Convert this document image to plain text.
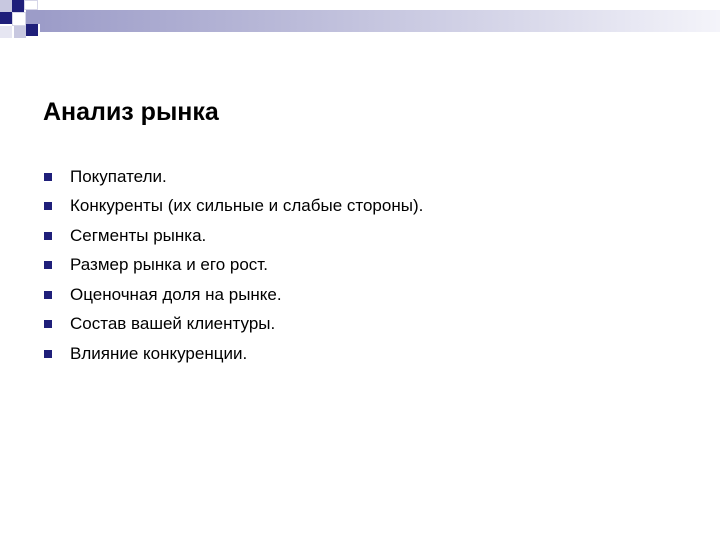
Анализ рынка
Покупатели.
Конкуренты (их сильные и слабые стороны).
Сегменты рынка.
Размер рынка и его рост.
Оценочная доля на рынке.
Состав вашей клиентуры.
Влияние конкуренции.
